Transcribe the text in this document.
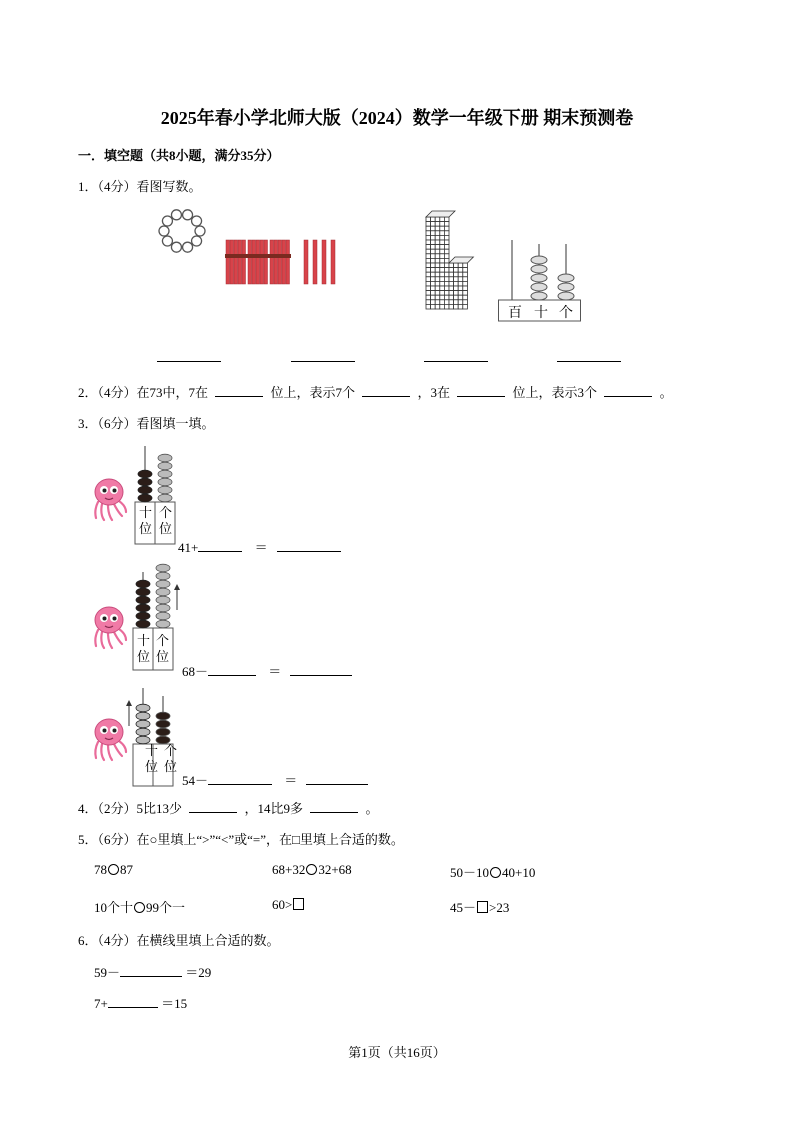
2025年春小学北师大版（2024）数学一年级下册 期末预测卷
一．填空题（共8小题，满分35分）
1．（4分）看图写数。
百 十 个
2．（4分）在73中，7在	位上，表示7个	，3在	位上，表示3个	。
3．（6分）看图填一填。
十
位
个
位
41+	＝
十
位
个
位
68－	＝
十
位
个
位
54－	＝
4．（2分）5比13少	，14比9多	。
5．（6分）在○里填上“>”“<”或“=”，在□里填上合适的数。
78 87	68+32 32+68	50－10 40+10
10个十 99个一	60>	45－ >23
6．（4分）在横线里填上合适的数。
59－	＝29
7+	＝15
第1页（共16页）
